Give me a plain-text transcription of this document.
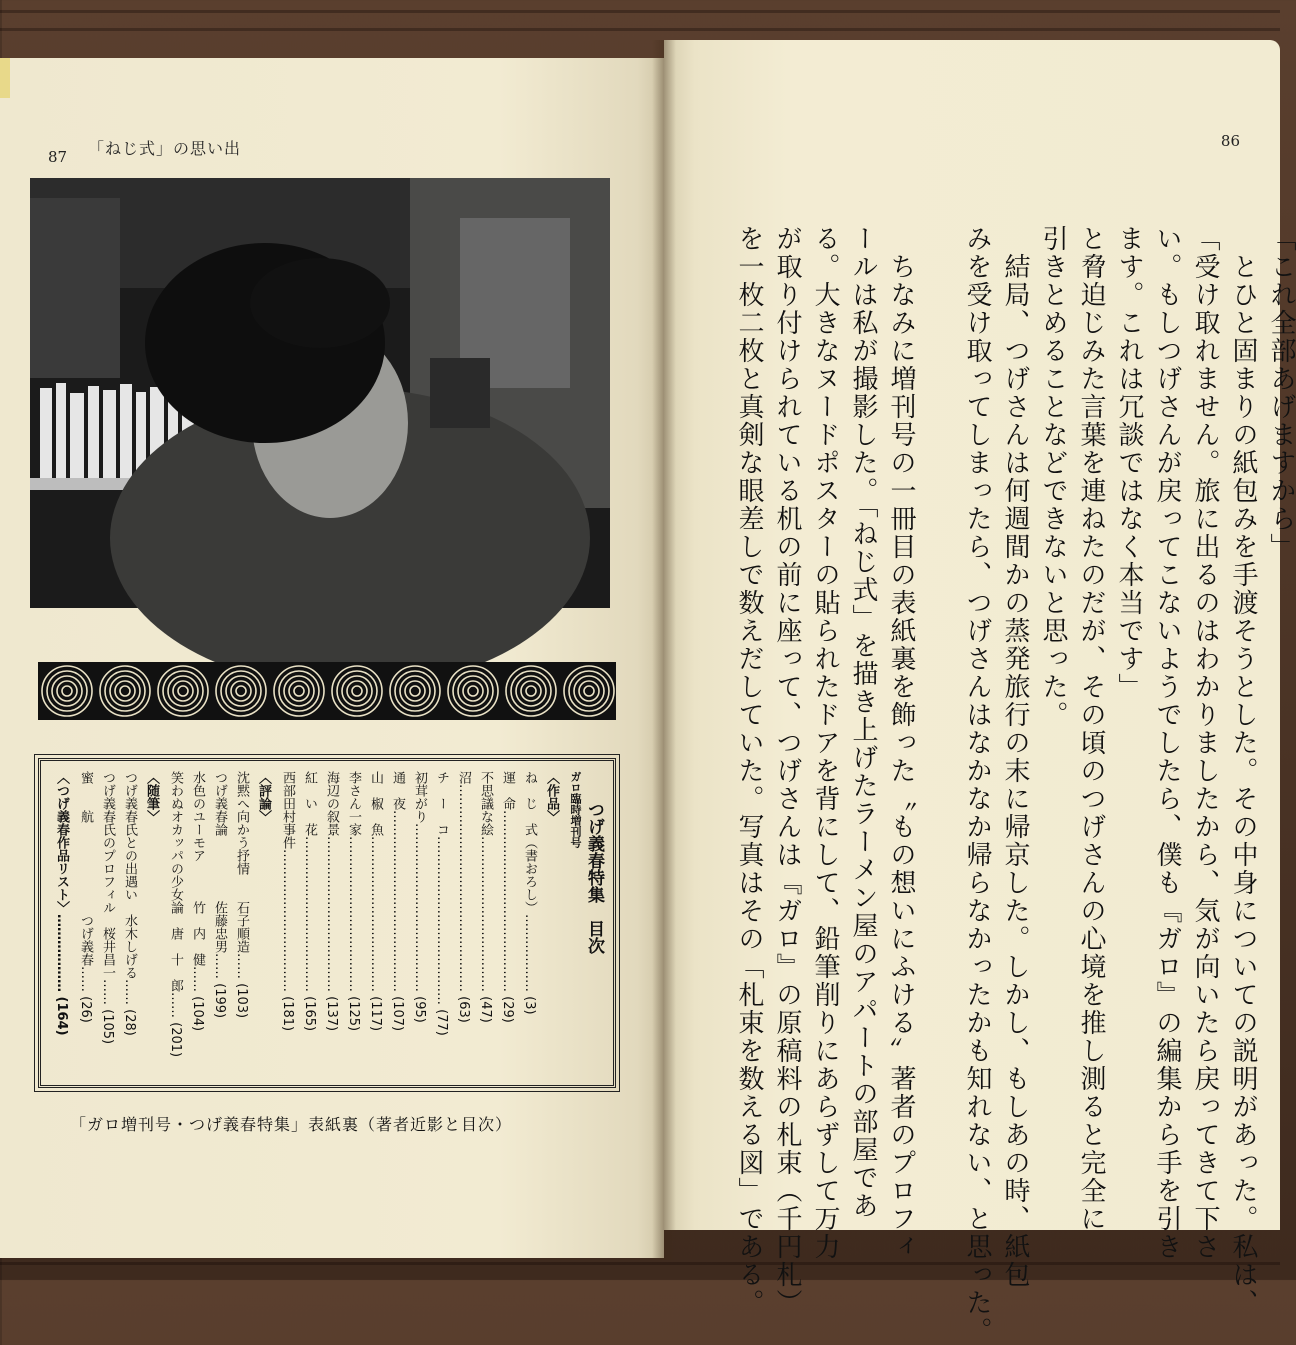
87 「ねじ式」の思い出
ガロ臨時増刊号 つげ義春特集　目次
〈作品〉
ね　じ　式（書おろし）……………… (3)
運　命…………………………………… (29)
不思議な絵……………………………… (47)
沼………………………………………… (63)
チ　ー　コ………………………………… (77)
初茸がり………………………………… (95)
通　夜…………………………………… (107)
山　椒　魚……………………………… (117)
李さん一家……………………………… (125)
海辺の叙景……………………………… (137)
紅　い　花……………………………… (165)
西部田村事件…………………………… (181)
〈評論〉
沈黙へ向かう抒情　　石子順造…… (103)
つげ義春論　　　　　佐藤忠男…… (199)
水色のユーモア　　　竹　内　健…… (104)
笑わぬオカッパの少女論　唐　十　郎…… (201)
〈随筆〉
つげ義春氏との出遇い　水木しげる…… (28)
つげ義春氏のプロフィル　桜井昌一…… (105)
蜜　　航　　　　　　　つげ義春…… (26)
〈つげ義春作品リスト〉……………… (164)
「ガロ増刊号・つげ義春特集」表紙裏（著者近影と目次）
86
「これ全部あげますから」
　とひと固まりの紙包みを手渡そうとした。その中身についての説明があった。私は、
「受け取れません。旅に出るのはわかりましたから、気が向いたら戻ってきて下さ
い。もしつげさんが戻ってこないようでしたら、僕も『ガロ』の編集から手を引き
ます。これは冗談ではなく本当です」
と脅迫じみた言葉を連ねたのだが、その頃のつげさんの心境を推し測ると完全に
引きとめることなどできないと思った。
　結局、つげさんは何週間かの蒸発旅行の末に帰京した。しかし、もしあの時、紙包
みを受け取ってしまったら、つげさんはなかなか帰らなかったかも知れない、と思った。
　ちなみに増刊号の一冊目の表紙裏を飾った〝もの想いにふける〟著者のプロフィ
ールは私が撮影した。「ねじ式」を描き上げたラーメン屋のアパートの部屋であ
る。大きなヌードポスターの貼られたドアを背にして、鉛筆削りにあらずして万力
が取り付けられている机の前に座って、つげさんは『ガロ』の原稿料の札束（千円札）
を一枚二枚と真剣な眼差しで数えだしていた。写真はその「札束を数える図」である。
